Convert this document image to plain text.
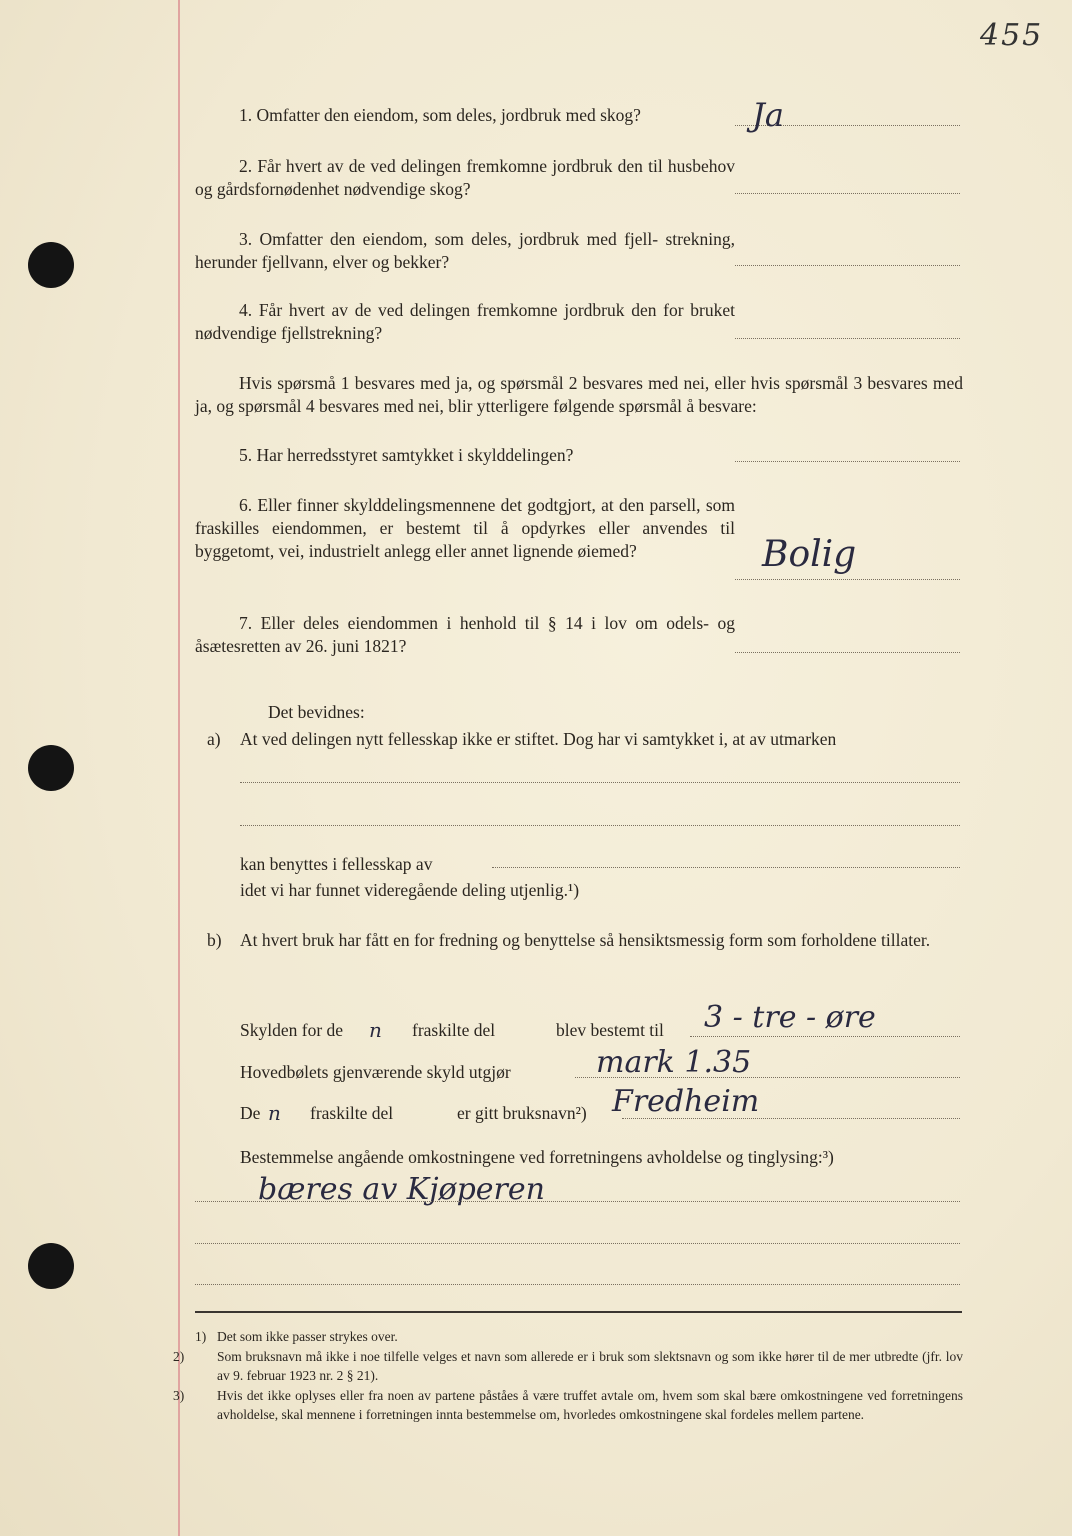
455
1. Omfatter den eiendom, som deles, jordbruk med skog?	Ja
2. Får hvert av de ved delingen fremkomne jordbruk den til husbehov og gårdsfornødenhet nødvendige skog?
3. Omfatter den eiendom, som deles, jordbruk med fjell- strekning, herunder fjellvann, elver og bekker?
4. Får hvert av de ved delingen fremkomne jordbruk den for bruket nødvendige fjellstrekning?
Hvis spørsmå 1 besvares med ja, og spørsmål 2 besvares med nei, eller hvis spørsmål 3 besvares med ja, og spørsmål 4 besvares med nei, blir ytterligere følgende spørsmål å besvare:
5. Har herredsstyret samtykket i skylddelingen?
6. Eller finner skylddelingsmennene det godtgjort, at den parsell, som fraskilles eiendommen, er bestemt til å opdyrkes eller anvendes til byggetomt, vei, industrielt anlegg eller annet lignende øiemed?	Bolig
7. Eller deles eiendommen i henhold til § 14 i lov om odels- og åsætesretten av 26. juni 1821?
Det bevidnes:
a) At ved delingen nytt fellesskap ikke er stiftet. Dog har vi samtykket i, at av utmarken
kan benyttes i fellesskap av
idet vi har funnet videregående deling utjenlig.¹)
b) At hvert bruk har fått en for fredning og benyttelse så hensiktsmessig form som forholdene tillater.
Skylden for de n fraskilte del	blev bestemt til 3 - tre - øre
Hovedbølets gjenværende skyld utgjør	mark 1.35
De n fraskilte del	er gitt bruksnavn²) Fredheim
Bestemmelse angående omkostningene ved forretningens avholdelse og tinglysing:³)
bæres av Kjøperen
1) Det som ikke passer strykes over.
2) Som bruksnavn må ikke i noe tilfelle velges et navn som allerede er i bruk som slektsnavn og som ikke hører til de mer utbredte (jfr. lov av 9. februar 1923 nr. 2 § 21).
3) Hvis det ikke oplyses eller fra noen av partene påståes å være truffet avtale om, hvem som skal bære omkostningene ved forretningens avholdelse, skal mennene i forretningen innta bestemmelse om, hvorledes omkostningene skal fordeles mellem partene.
